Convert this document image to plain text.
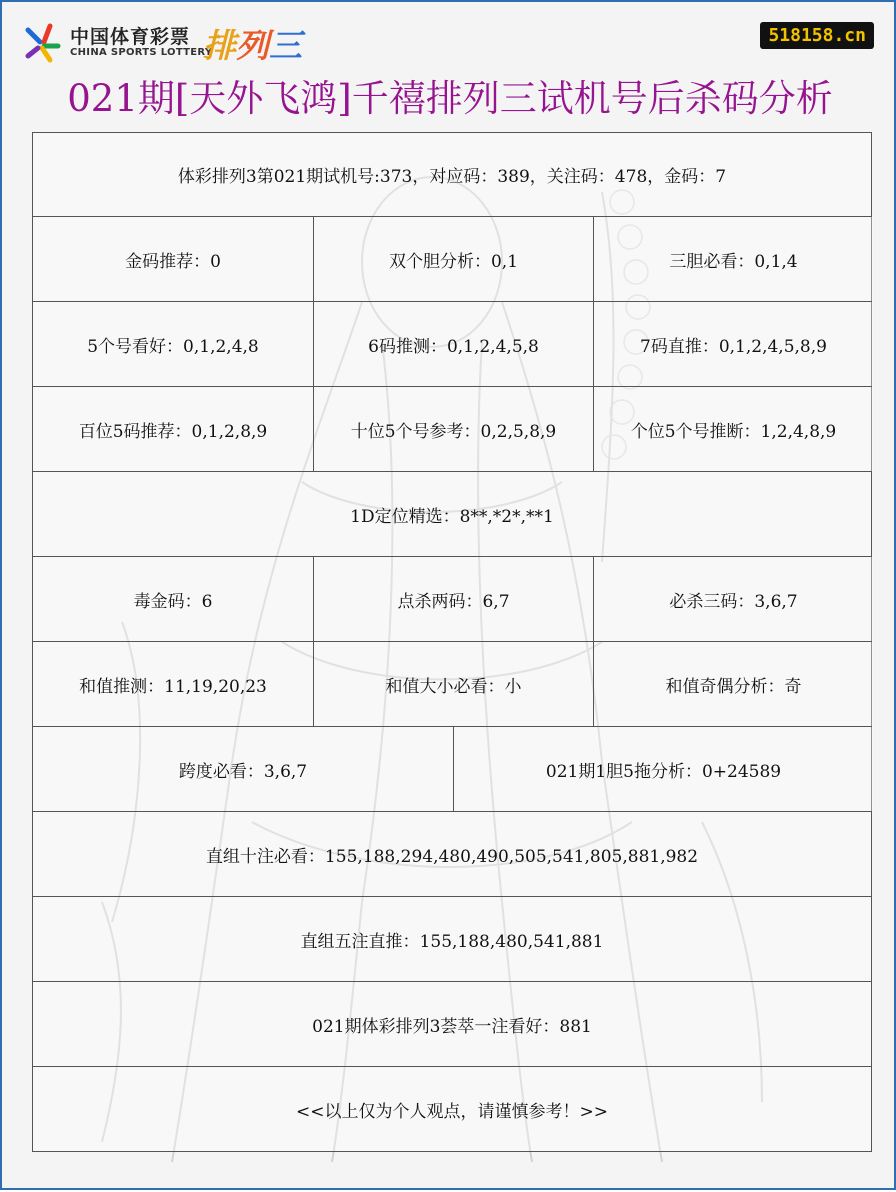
中国体育彩票
CHINA SPORTS LOTTERY
排列三	518158.cn
021期[天外飞鸿]千禧排列三试机号后杀码分析
体彩排列3第021期试机号:373，对应码：389，关注码：478，金码：7
金码推荐：0	双个胆分析：0,1	三胆必看：0,1,4
5个号看好：0,1,2,4,8	6码推测：0,1,2,4,5,8	7码直推：0,1,2,4,5,8,9
百位5码推荐：0,1,2,8,9	十位5个号参考：0,2,5,8,9	个位5个号推断：1,2,4,8,9
1D定位精选：8**,*2*,**1
毒金码：6	点杀两码：6,7	必杀三码：3,6,7
和值推测：11,19,20,23	和值大小必看：小	和值奇偶分析：奇
跨度必看：3,6,7	021期1胆5拖分析：0+24589
直组十注必看：155,188,294,480,490,505,541,805,881,982
直组五注直推：155,188,480,541,881
021期体彩排列3荟萃一注看好：881
<<以上仅为个人观点，请谨慎参考！>>
